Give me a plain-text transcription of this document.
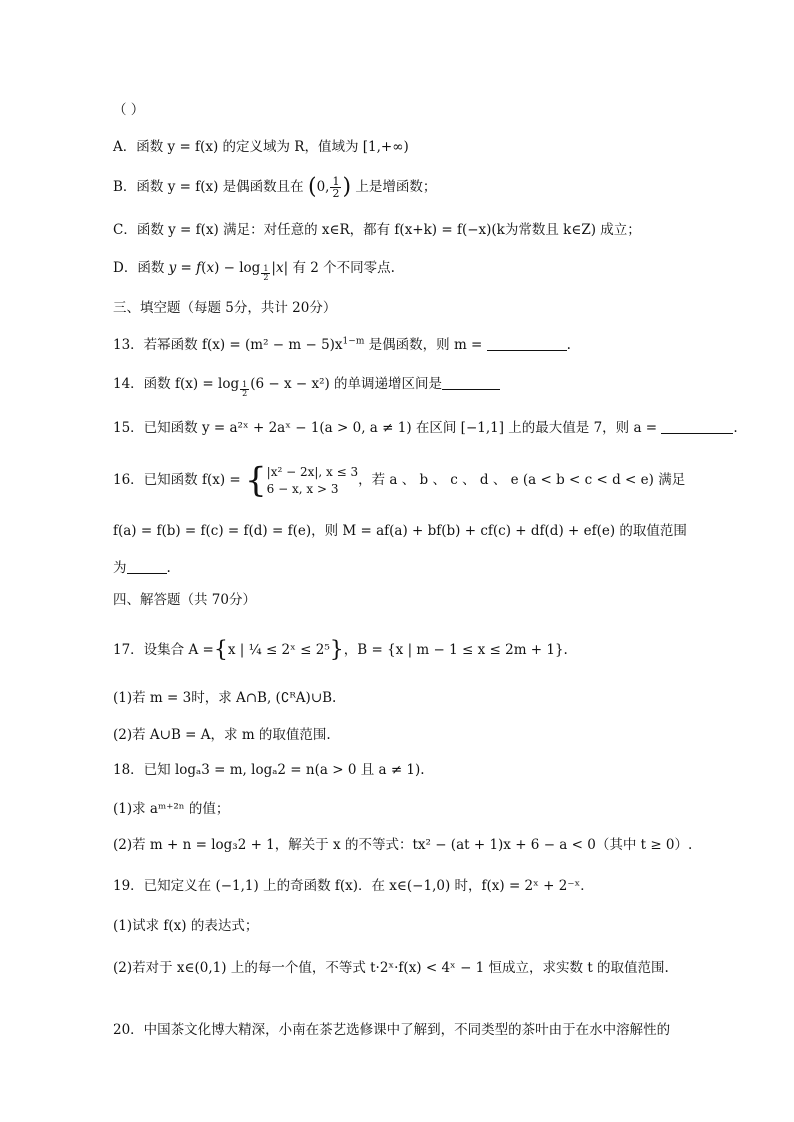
（ ）
A．函数 y = f(x) 的定义域为 R，值域为 [1,+∞)
B．函数 y = f(x) 是偶函数且在 (0, $\frac{1}{2}$ ) 上是增函数；
C．函数 y = f(x) 满足：对任意的 x∈R，都有 f(x+k) = f(−x)(k为常数且 k∈Z) 成立；
D．函数 y = f(x) − log $_{\frac{1}{2}}$ |x| 有 2 个不同零点.
三、填空题（每题 5分，共计 20分）
13．若幂函数 $f(x) = (m^2 - m - 5)x^{1-m}$ 是偶函数，则 m =	.
14．函数 f(x) = log $_{\frac{1}{2}}$ (6 − x − x²) 的单调递增区间是
15．已知函数 y = a²ˣ + 2aˣ − 1(a > 0, a ≠ 1) 在区间 [−1,1] 上的最大值是 7，则 a =	.
16．已知函数 f(x) = { |x² − 2x|, x ≤ 3
6 − x, x > 3
，若 a 、 b 、 c 、 d 、 e (a < b < c < d < e) 满足
f(a) = f(b) = f(c) = f(d) = f(e)，则 M = af(a) + bf(b) + cf(c) + df(d) + ef(e) 的取值范围
为	.
四、解答题（共 70分）
17．设集合 A ={x | ¼ ≤ 2ˣ ≤ 2⁵}，B = {x | m − 1 ≤ x ≤ 2m + 1}.
(1)若 m = 3时，求 A∩B, (∁ᴿA)∪B.
(2)若 A∪B = A，求 m 的取值范围.
18．已知 logₐ3 = m, logₐ2 = n(a > 0 且 a ≠ 1).
(1)求 aᵐ⁺²ⁿ 的值；
(2)若 m + n = log₃2 + 1，解关于 x 的不等式：tx² − (at + 1)x + 6 − a < 0（其中 t ≥ 0）.
19．已知定义在 (−1,1) 上的奇函数 f(x)．在 x∈(−1,0) 时，f(x) = 2ˣ + 2⁻ˣ．
(1)试求 f(x) 的表达式；
(2)若对于 x∈(0,1) 上的每一个值，不等式 t·2ˣ·f(x) < 4ˣ − 1 恒成立，求实数 t 的取值范围.
20．中国茶文化博大精深，小南在茶艺选修课中了解到，不同类型的茶叶由于在水中溶解性的
